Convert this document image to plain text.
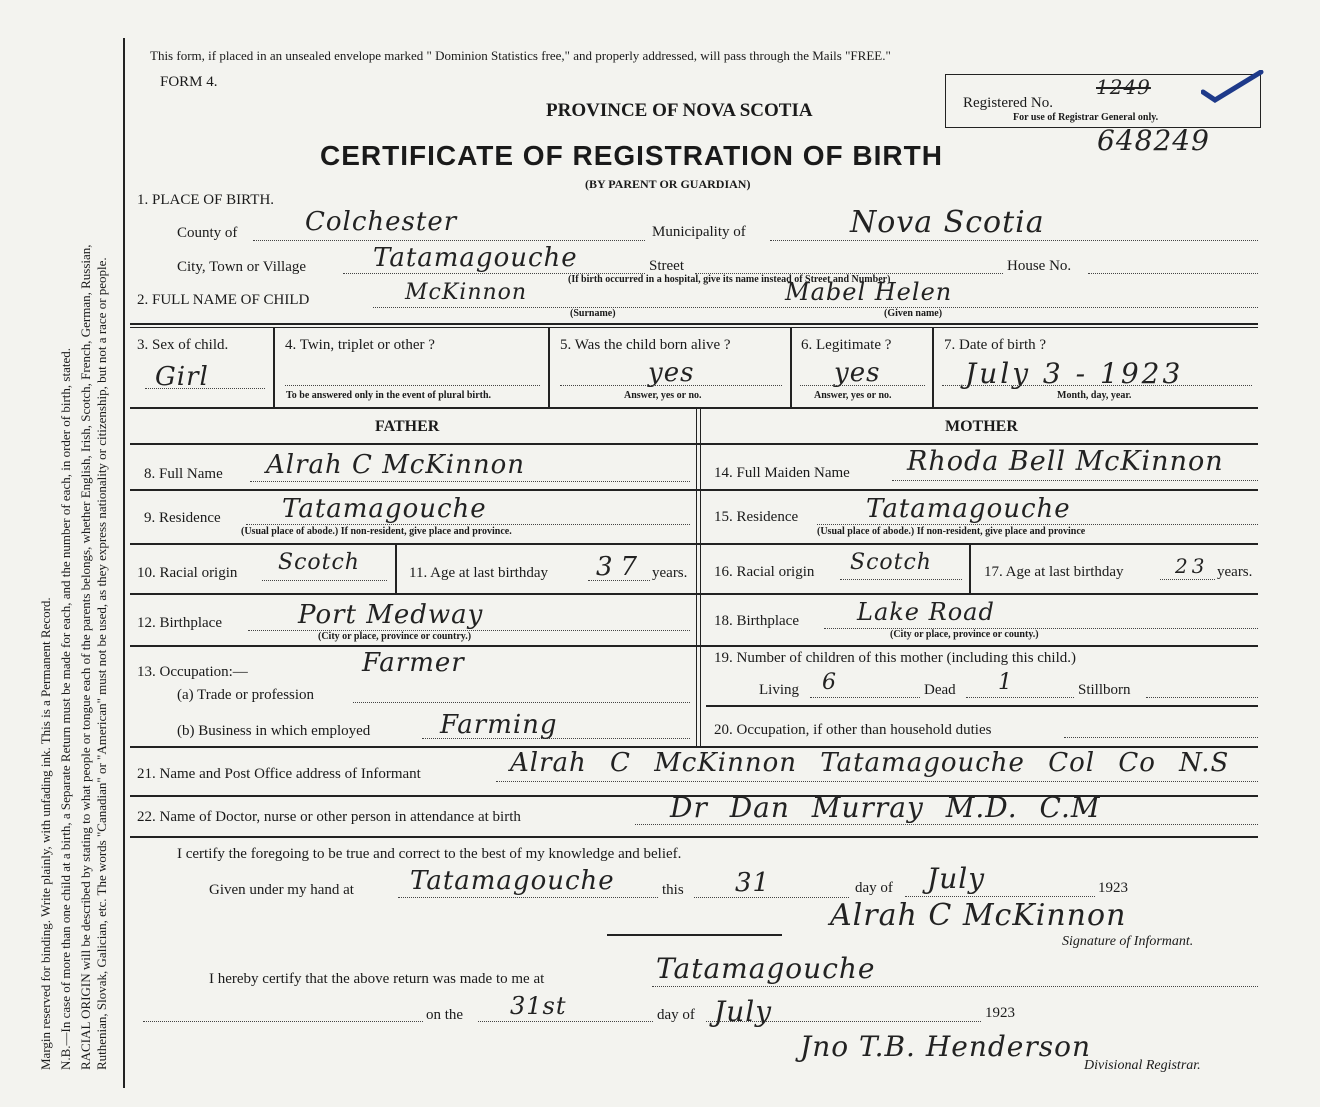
Margin reserved for binding. Write plainly, with unfading ink. This is a Permanent Record. N.B.—In case of more than one child at a birth, a Separate Return must be made for each, and the number of each, in order of birth, stated. RACIAL ORIGIN will be described by stating to what people or tongue each of the parents belongs, whether English, Irish, Scotch, French, German, Russian, Ruthenian, Slovak, Galician, etc. The words "Canadian" or "American" must not be used, as they express nationality or citizenship, but not a race or people.
This form, if placed in an unsealed envelope marked " Dominion Statistics free," and properly addressed, will pass through the Mails "FREE."
FORM 4.
PROVINCE OF NOVA SCOTIA
CERTIFICATE OF REGISTRATION OF BIRTH
(BY PARENT OR GUARDIAN)
Registered No.
1249
For use of Registrar General only.
648249
1. PLACE OF BIRTH.
County of	Colchester	Municipality of	Nova Scotia
City, Town or Village	Tatamagouche	Street	House No.
(If birth occurred in a hospital, give its name instead of Street and Number)
2. FULL NAME OF CHILD	McKinnon
(Surname)
Mabel Helen
(Given name)
3. Sex of child.
Girl
4. Twin, triplet or other ?
To be answered only in the event of plural birth.
5. Was the child born alive ?
yes
Answer, yes or no.
6. Legitimate ?
yes
Answer, yes or no.
7. Date of birth ?
July 3 - 1923
Month, day, year.
FATHER	MOTHER
8. Full Name Alrah C McKinnon
9. Residence Tatamagouche
(Usual place of abode.) If non-resident, give place and province.
10. Racial origin Scotch	11. Age at last birthday 37 years.
12. Birthplace	Port Medway
(City or place, province or country.)
13. Occupation:—	Farmer
(a) Trade or profession
(b) Business in which employed	Farming
14. Full Maiden Name Rhoda Bell McKinnon
15. Residence	Tatamagouche
(Usual place of abode.) If non-resident, give place and province
16. Racial origin Scotch	17. Age at last birthday	23 years.
18. Birthplace Lake Road
(City or place, province or county.)
19. Number of children of this mother (including this child.)
Living 6	Dead 1	Stillborn
20. Occupation, if other than household duties
21. Name and Post Office address of Informant	Alrah C McKinnon Tatamagouche Col Co N.S
22. Name of Doctor, nurse or other person in attendance at birth	Dr Dan Murray M.D. C.M
I certify the foregoing to be true and correct to the best of my knowledge and belief.
Given under my hand at Tatamagouche	this 31	day of July	1923
Alrah C McKinnon
Signature of Informant.
I hereby certify that the above return was made to me at	Tatamagouche
on the 31st	day of July	1923
Jno T.B. Henderson
Divisional Registrar.
